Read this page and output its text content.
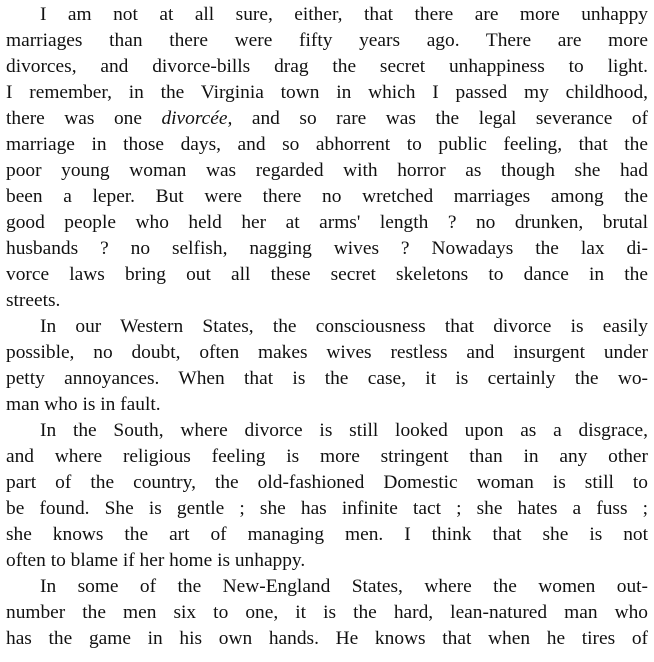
I am not at all sure, either, that there are more unhappy
marriages than there were fifty years ago. There are more
divorces, and divorce-bills drag the secret unhappiness to light.
I remember, in the Virginia town in which I passed my childhood,
there was one divorcée, and so rare was the legal severance of
marriage in those days, and so abhorrent to public feeling, that the
poor young woman was regarded with horror as though she had
been a leper. But were there no wretched marriages among the
good people who held her at arms' length ? no drunken, brutal
husbands ? no selfish, nagging wives ? Nowadays the lax di-
vorce laws bring out all these secret skeletons to dance in the
streets.
In our Western States, the consciousness that divorce is easily
possible, no doubt, often makes wives restless and insurgent under
petty annoyances. When that is the case, it is certainly the wo-
man who is in fault.
In the South, where divorce is still looked upon as a disgrace,
and where religious feeling is more stringent than in any other
part of the country, the old-fashioned Domestic woman is still to
be found. She is gentle ; she has infinite tact ; she hates a fuss ;
she knows the art of managing men. I think that she is not
often to blame if her home is unhappy.
In some of the New-England States, where the women out-
number the men six to one, it is the hard, lean-natured man who
has the game in his own hands. He knows that when he tires of
